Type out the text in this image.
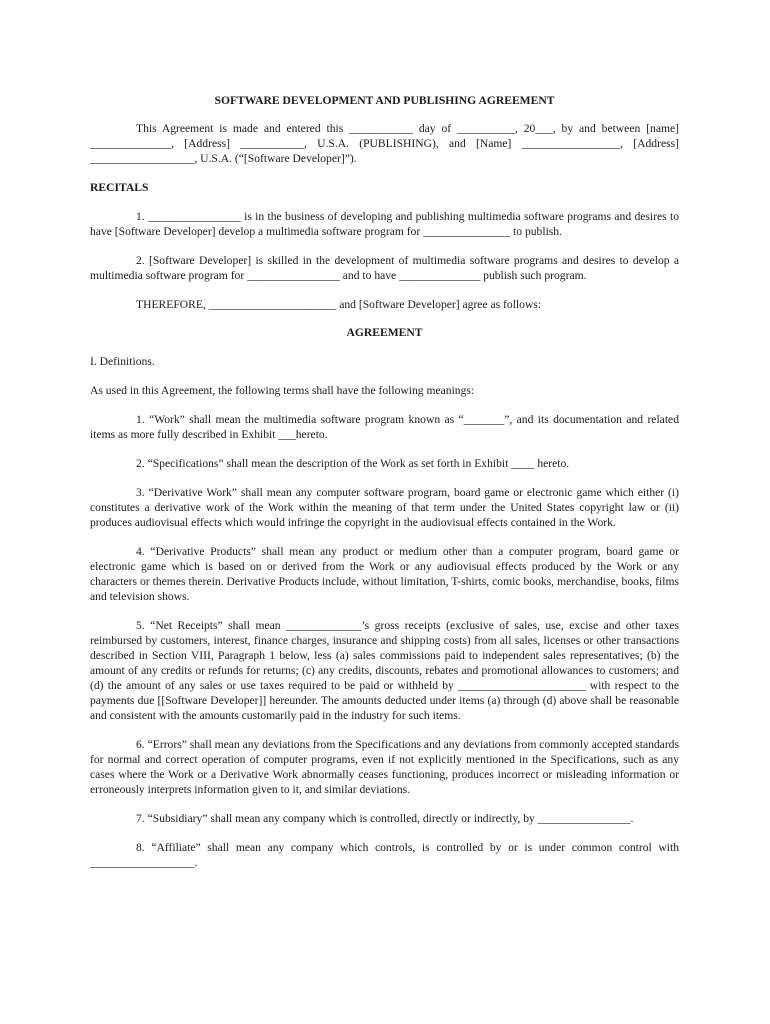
SOFTWARE DEVELOPMENT AND PUBLISHING AGREEMENT

This Agreement is made and entered this ___________ day of __________, 20___, by and between [name] ______________, [Address] ___________, U.S.A. (PUBLISHING), and [Name] _________________, [Address] __________________, U.S.A. (“[Software Developer]”).

RECITALS

1. ________________ is in the business of developing and publishing multimedia software programs and desires to have [Software Developer] develop a multimedia software program for _______________ to publish.

2. [Software Developer] is skilled in the development of multimedia software programs and desires to develop a multimedia software program for ________________ and to have ______________ publish such program.

THEREFORE, ______________________ and [Software Developer] agree as follows:

AGREEMENT

I. Definitions.

As used in this Agreement, the following terms shall have the following meanings:

1. “Work” shall mean the multimedia software program known as “_______”, and its documentation and related items as more fully described in Exhibit ___hereto.

2. “Specifications” shall mean the description of the Work as set forth in Exhibit ____ hereto.

3. “Derivative Work” shall mean any computer software program, board game or electronic game which either (i) constitutes a derivative work of the Work within the meaning of that term under the United States copyright law or (ii) produces audiovisual effects which would infringe the copyright in the audiovisual effects contained in the Work.

4. “Derivative Products” shall mean any product or medium other than a computer program, board game or electronic game which is based on or derived from the Work or any audiovisual effects produced by the Work or any characters or themes therein. Derivative Products include, without limitation, T-shirts, comic books, merchandise, books, films and television shows.

5. “Net Receipts” shall mean _____________’s gross receipts (exclusive of sales, use, excise and other taxes reimbursed by customers, interest, finance charges, insurance and shipping costs) from all sales, licenses or other transactions described in Section VIII, Paragraph 1 below, less (a) sales commissions paid to independent sales representatives; (b) the amount of any credits or refunds for returns; (c) any credits, discounts, rebates and promotional allowances to customers; and (d) the amount of any sales or use taxes required to be paid or withheld by ______________________ with respect to the payments due [[Software Developer]] hereunder. The amounts deducted under items (a) through (d) above shall be reasonable and consistent with the amounts customarily paid in the industry for such items.

6. “Errors” shall mean any deviations from the Specifications and any deviations from commonly accepted standards for normal and correct operation of computer programs, even if not explicitly mentioned in the Specifications, such as any cases where the Work or a Derivative Work abnormally ceases functioning, produces incorrect or misleading information or erroneously interprets information given to it, and similar deviations.

7. “Subsidiary” shall mean any company which is controlled, directly or indirectly, by ________________.

8. “Affiliate” shall mean any company which controls, is controlled by or is under common control with __________________.
